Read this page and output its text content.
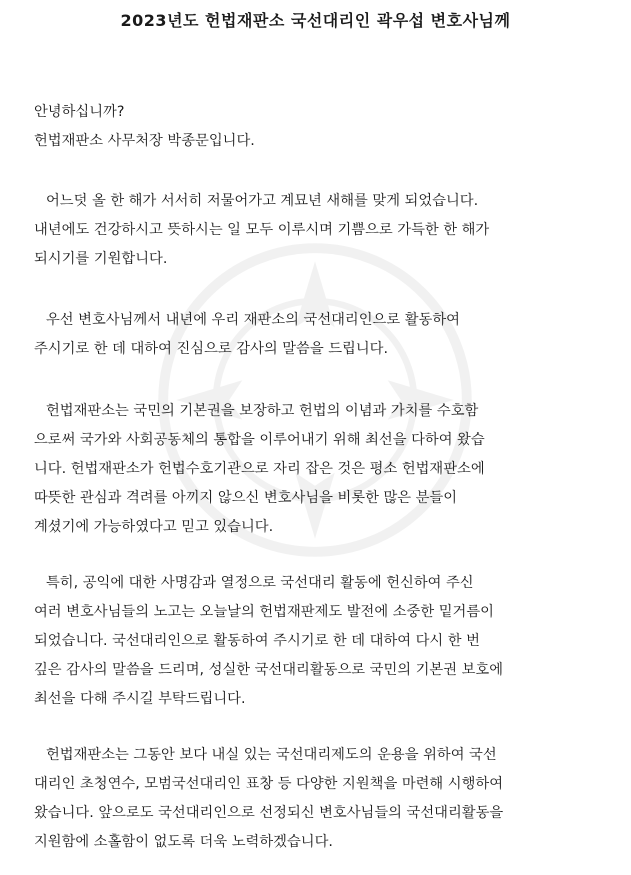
2023년도 헌법재판소 국선대리인 곽우섭 변호사님께
안녕하십니까?
헌법재판소 사무처장 박종문입니다.
어느덧 올 한 해가 서서히 저물어가고 계묘년 새해를 맞게 되었습니다.
내년에도 건강하시고 뜻하시는 일 모두 이루시며 기쁨으로 가득한 한 해가
되시기를 기원합니다.
우선 변호사님께서 내년에 우리 재판소의 국선대리인으로 활동하여
주시기로 한 데 대하여 진심으로 감사의 말씀을 드립니다.
헌법재판소는 국민의 기본권을 보장하고 헌법의 이념과 가치를 수호함
으로써 국가와 사회공동체의 통합을 이루어내기 위해 최선을 다하여 왔습
니다. 헌법재판소가 헌법수호기관으로 자리 잡은 것은 평소 헌법재판소에
따뜻한 관심과 격려를 아끼지 않으신 변호사님을 비롯한 많은 분들이
계셨기에 가능하였다고 믿고 있습니다.
특히, 공익에 대한 사명감과 열정으로 국선대리 활동에 헌신하여 주신
여러 변호사님들의 노고는 오늘날의 헌법재판제도 발전에 소중한 밑거름이
되었습니다. 국선대리인으로 활동하여 주시기로 한 데 대하여 다시 한 번
깊은 감사의 말씀을 드리며, 성실한 국선대리활동으로 국민의 기본권 보호에
최선을 다해 주시길 부탁드립니다.
헌법재판소는 그동안 보다 내실 있는 국선대리제도의 운용을 위하여 국선
대리인 초청연수, 모범국선대리인 표창 등 다양한 지원책을 마련해 시행하여
왔습니다. 앞으로도 국선대리인으로 선정되신 변호사님들의 국선대리활동을
지원함에 소홀함이 없도록 더욱 노력하겠습니다.
